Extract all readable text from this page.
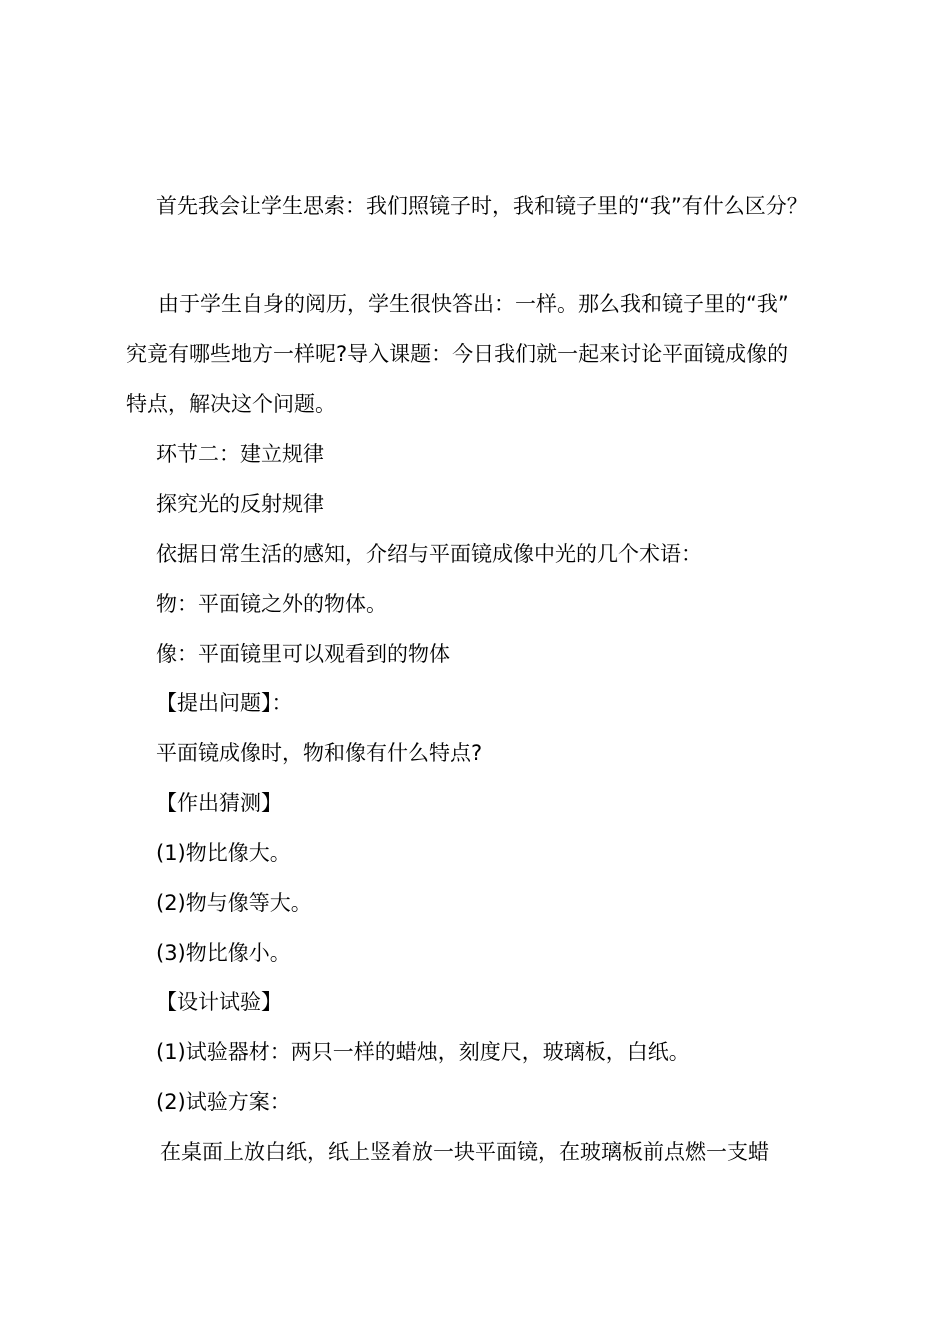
首先我会让学生思索：我们照镜子时，我和镜子里的“我”有什么区分？
由于学生自身的阅历，学生很快答出：一样。那么我和镜子里的“我”
究竟有哪些地方一样呢?导入课题：今日我们就一起来讨论平面镜成像的
特点，解决这个问题。
环节二：建立规律
探究光的反射规律
依据日常生活的感知，介绍与平面镜成像中光的几个术语：
物：平面镜之外的物体。
像：平面镜里可以观看到的物体
【提出问题】：
平面镜成像时，物和像有什么特点?
【作出猜测】
(1)物比像大。
(2)物与像等大。
(3)物比像小。
【设计试验】
(1)试验器材：两只一样的蜡烛，刻度尺，玻璃板，白纸。
(2)试验方案：
在桌面上放白纸，纸上竖着放一块平面镜，在玻璃板前点燃一支蜡
